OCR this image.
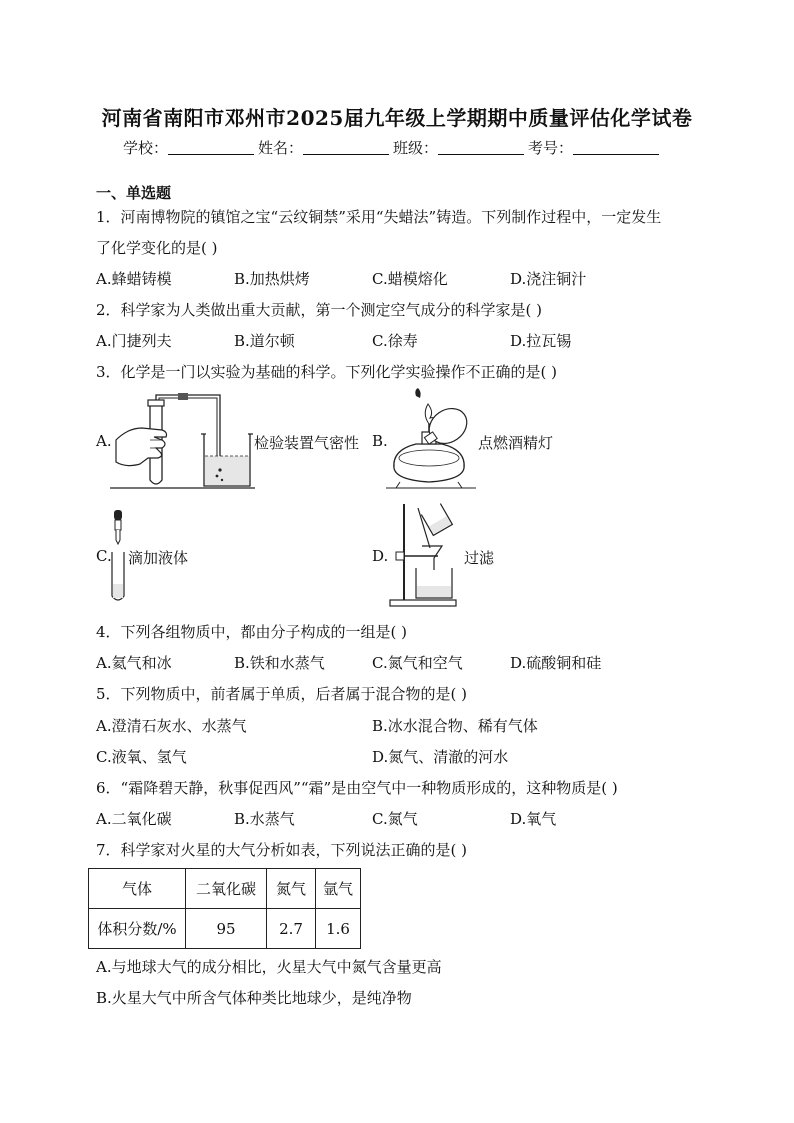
河南省南阳市邓州市2025届九年级上学期期中质量评估化学试卷
学校：	姓名：	班级：	考号：
一、单选题
1．河南博物院的镇馆之宝“云纹铜禁”采用“失蜡法”铸造。下列制作过程中，一定发生
了化学变化的是( )
A.蜂蜡铸模	B.加热烘烤	C.蜡模熔化	D.浇注铜汁
2．科学家为人类做出重大贡献，第一个测定空气成分的科学家是( )
A.门捷列夫	B.道尔顿	C.徐寿	D.拉瓦锡
3．化学是一门以实验为基础的科学。下列化学实验操作不正确的是( )
A.	检验装置气密性 B.	点燃酒精灯
C. 滴加液体	D.	过滤
4．下列各组物质中，都由分子构成的一组是( )
A.氦气和冰	B.铁和水蒸气	C.氮气和空气	D.硫酸铜和硅
5．下列物质中，前者属于单质，后者属于混合物的是( )
A.澄清石灰水、水蒸气	B.冰水混合物、稀有气体
C.液氧、氢气	D.氮气、清澈的河水
6．“霜降碧天静，秋事促西风”“霜”是由空气中一种物质形成的，这种物质是( )
A.二氧化碳	B.水蒸气	C.氮气	D.氧气
7．科学家对火星的大气分析如表，下列说法正确的是( )
气体	二氧化碳	氮气	氩气
体积分数/%	95	2.7	1.6
A.与地球大气的成分相比，火星大气中氮气含量更高
B.火星大气中所含气体种类比地球少，是纯净物
